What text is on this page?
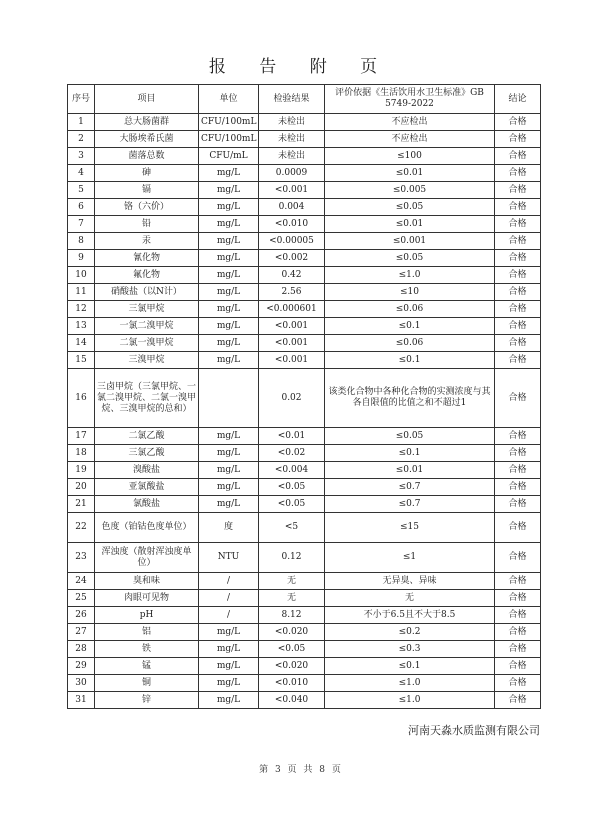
报 告 附 页
序号	项目	单位	检验结果	评价依据《生活饮用水卫生标准》GB 5749-2022	结论
1	总大肠菌群	CFU/100mL	未检出	不应检出	合格
2	大肠埃希氏菌	CFU/100mL	未检出	不应检出	合格
3	菌落总数	CFU/mL	未检出	≤100	合格
4	砷	mg/L	0.0009	≤0.01	合格
5	镉	mg/L	<0.001	≤0.005	合格
6	铬（六价）	mg/L	0.004	≤0.05	合格
7	铅	mg/L	<0.010	≤0.01	合格
8	汞	mg/L	<0.00005	≤0.001	合格
9	氰化物	mg/L	<0.002	≤0.05	合格
10	氟化物	mg/L	0.42	≤1.0	合格
11	硝酸盐（以N计）	mg/L	2.56	≤10	合格
12	三氯甲烷	mg/L	<0.000601	≤0.06	合格
13	一氯二溴甲烷	mg/L	<0.001	≤0.1	合格
14	二氯一溴甲烷	mg/L	<0.001	≤0.06	合格
15	三溴甲烷	mg/L	<0.001	≤0.1	合格
16	三卤甲烷（三氯甲烷、一氯二溴甲烷、二氯一溴甲烷、三溴甲烷的总和）		0.02	该类化合物中各种化合物的实测浓度与其各自限值的比值之和不超过1	合格
17	二氯乙酸	mg/L	<0.01	≤0.05	合格
18	三氯乙酸	mg/L	<0.02	≤0.1	合格
19	溴酸盐	mg/L	<0.004	≤0.01	合格
20	亚氯酸盐	mg/L	<0.05	≤0.7	合格
21	氯酸盐	mg/L	<0.05	≤0.7	合格
22	色度（铂钴色度单位）	度	<5	≤15	合格
23	浑浊度（散射浑浊度单位）	NTU	0.12	≤1	合格
24	臭和味	/	无	无异臭、异味	合格
25	肉眼可见物	/	无	无	合格
26	pH	/	8.12	不小于6.5且不大于8.5	合格
27	铝	mg/L	<0.020	≤0.2	合格
28	铁	mg/L	<0.05	≤0.3	合格
29	锰	mg/L	<0.020	≤0.1	合格
30	铜	mg/L	<0.010	≤1.0	合格
31	锌	mg/L	<0.040	≤1.0	合格
河南天淼水质监测有限公司
第 3 页 共 8 页
